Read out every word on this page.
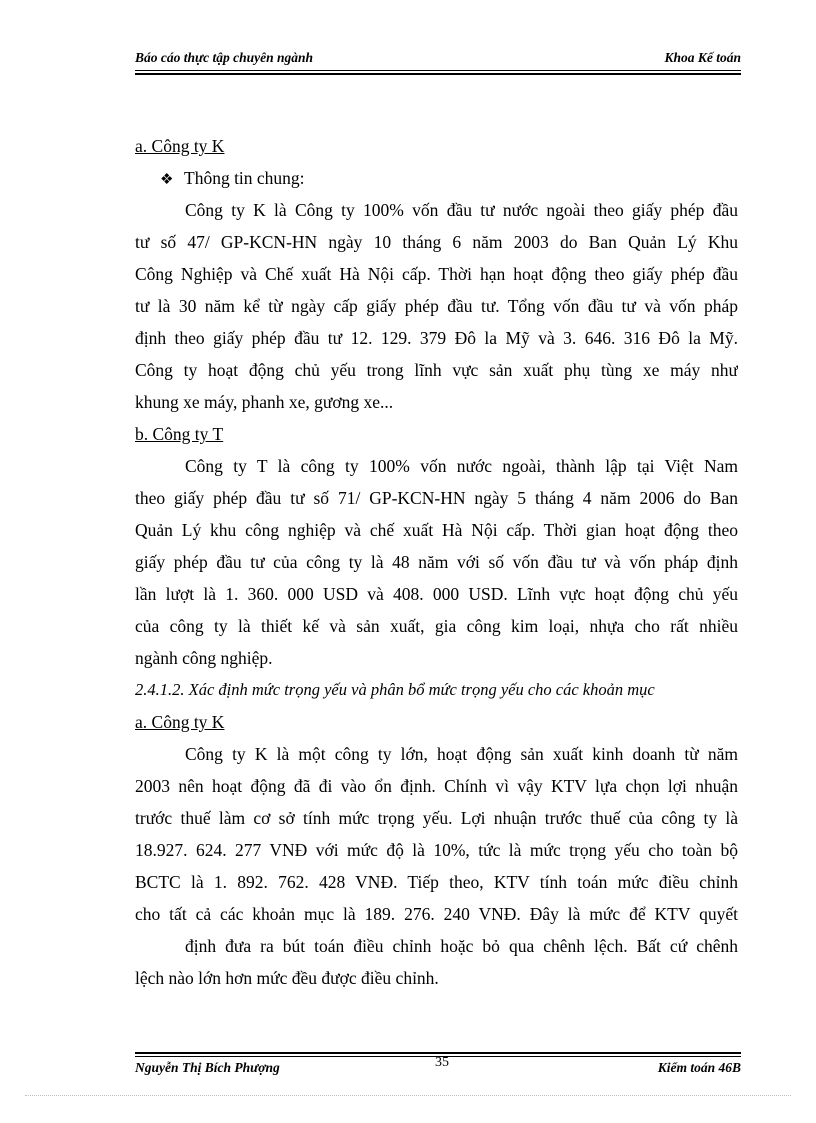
Báo cáo thực tập chuyên ngành	Khoa Kế toán
a. Công ty K
❖ Thông tin chung:
Công ty K là Công ty 100% vốn đầu tư nước ngoài theo giấy phép đầu
tư số 47/ GP-KCN-HN ngày 10 tháng 6 năm 2003 do Ban Quản Lý Khu
Công Nghiệp và Chế xuất Hà Nội cấp. Thời hạn hoạt động theo giấy phép đầu
tư là 30 năm kể từ ngày cấp giấy phép đầu tư. Tổng vốn đầu tư và vốn pháp
định theo giấy phép đầu tư 12. 129. 379 Đô la Mỹ và 3. 646. 316 Đô la Mỹ.
Công ty hoạt động chủ yếu trong lĩnh vực sản xuất phụ tùng xe máy như
khung xe máy, phanh xe, gương xe...
b. Công ty T
Công ty T là công ty 100% vốn nước ngoài, thành lập tại Việt Nam
theo giấy phép đầu tư số 71/ GP-KCN-HN ngày 5 tháng 4 năm 2006 do Ban
Quản Lý khu công nghiệp và chế xuất Hà Nội cấp. Thời gian hoạt động theo
giấy phép đầu tư của công ty là 48 năm với số vốn đầu tư và vốn pháp định
lần lượt là 1. 360. 000 USD và 408. 000 USD. Lĩnh vực hoạt động chủ yếu
của công ty là thiết kế và sản xuất, gia công kim loại, nhựa cho rất nhiều
ngành công nghiệp.
2.4.1.2. Xác định mức trọng yếu và phân bổ mức trọng yếu cho các khoản mục
a. Công ty K
Công ty K là một công ty lớn, hoạt động sản xuất kinh doanh từ năm
2003 nên hoạt động đã đi vào ổn định. Chính vì vậy KTV lựa chọn lợi nhuận
trước thuế làm cơ sở tính mức trọng yếu. Lợi nhuận trước thuế của công ty là
18.927. 624. 277 VNĐ với mức độ là 10%, tức là mức trọng yếu cho toàn bộ
BCTC là 1. 892. 762. 428 VNĐ. Tiếp theo, KTV tính toán mức điều chỉnh
cho tất cả các khoản mục là 189. 276. 240 VNĐ. Đây là mức để KTV quyết
định đưa ra bút toán điều chỉnh hoặc bỏ qua chênh lệch. Bất cứ chênh
lệch nào lớn hơn mức đều được điều chỉnh.
Nguyễn Thị Bích Phượng	35	Kiểm toán 46B
